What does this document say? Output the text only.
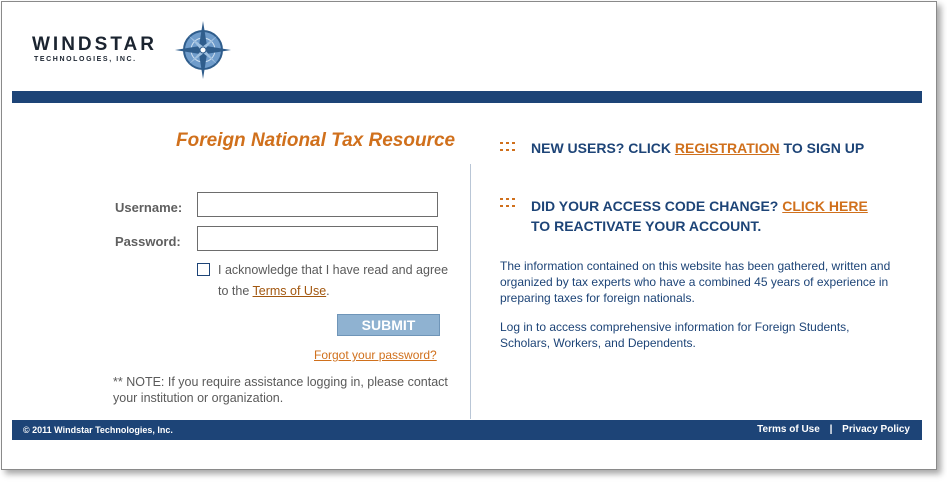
WINDSTAR
TECHNOLOGIES, INC.
Foreign National Tax Resource
Username:
Password:
I acknowledge that I have read and agree to the Terms of Use.
SUBMIT
Forgot your password?
** NOTE: If you require assistance logging in, please contact your institution or organization.
NEW USERS? CLICK REGISTRATION TO SIGN UP
DID YOUR ACCESS CODE CHANGE? CLICK HERE TO REACTIVATE YOUR ACCOUNT.
The information contained on this website has been gathered, written and organized by tax experts who have a combined 45 years of experience in preparing taxes for foreign nationals.
Log in to access comprehensive information for Foreign Students, Scholars, Workers, and Dependents.
© 2011 Windstar Technologies, Inc.	Terms of Use | Privacy Policy
